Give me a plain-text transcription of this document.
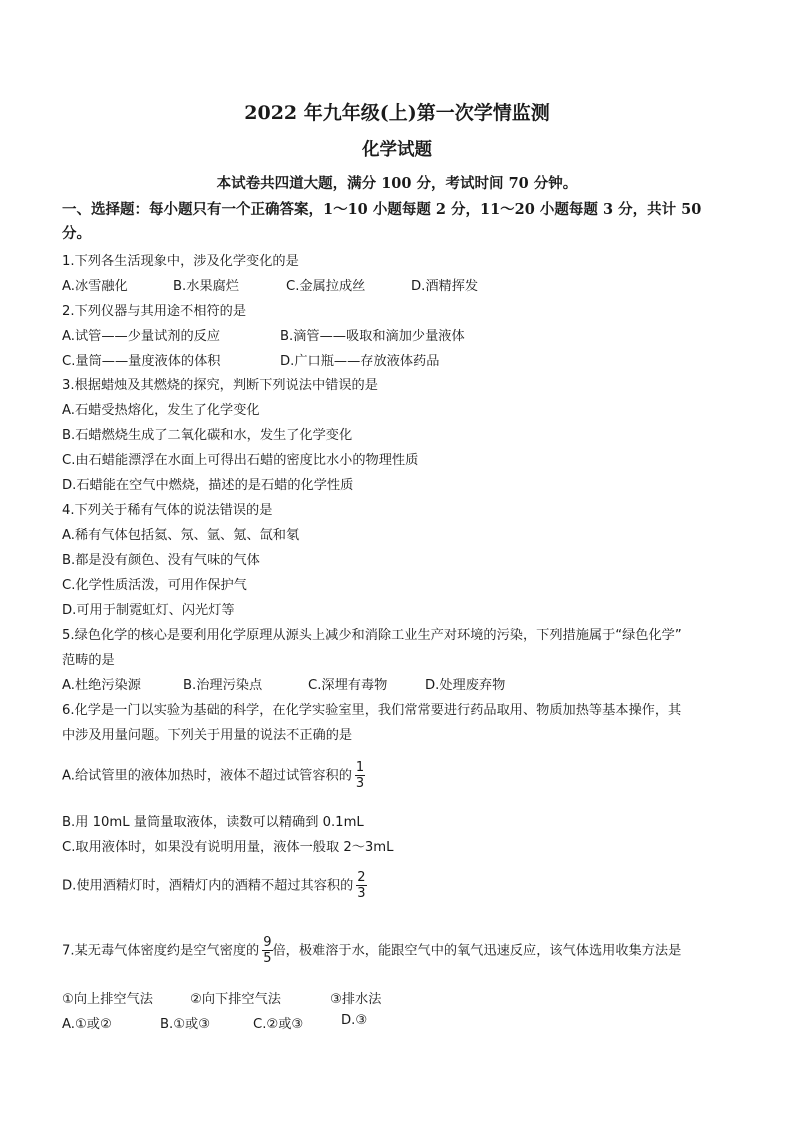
2022 年九年级(上)第一次学情监测
化学试题
本试卷共四道大题，满分 100 分，考试时间 70 分钟。
一、选择题：每小题只有一个正确答案，1～10 小题每题 2 分，11～20 小题每题 3 分，共计 50
分。
1.下列各生活现象中，涉及化学变化的是
A.冰雪融化	B.水果腐烂	C.金属拉成丝	D.酒精挥发
2.下列仪器与其用途不相符的是
A.试管——少量试剂的反应	B.滴管——吸取和滴加少量液体
C.量筒——量度液体的体积	D.广口瓶——存放液体药品
3.根据蜡烛及其燃烧的探究，判断下列说法中错误的是
A.石蜡受热熔化，发生了化学变化
B.石蜡燃烧生成了二氧化碳和水，发生了化学变化
C.由石蜡能漂浮在水面上可得出石蜡的密度比水小的物理性质
D.石蜡能在空气中燃烧，描述的是石蜡的化学性质
4.下列关于稀有气体的说法错误的是
A.稀有气体包括氦、氖、氩、氪、氙和氡
B.都是没有颜色、没有气味的气体
C.化学性质活泼，可用作保护气
D.可用于制霓虹灯、闪光灯等
5.绿色化学的核心是要利用化学原理从源头上减少和消除工业生产对环境的污染，下列措施属于“绿色化学”
范畴的是
A.杜绝污染源	B.治理污染点	C.深埋有毒物	D.处理废弃物
6.化学是一门以实验为基础的科学，在化学实验室里，我们常常要进行药品取用、物质加热等基本操作，其
中涉及用量问题。下列关于用量的说法不正确的是
A.给试管里的液体加热时，液体不超过试管容积的 $\frac{1}{3}$
B.用 10mL 量筒量取液体，读数可以精确到 0.1mL
C.取用液体时，如果没有说明用量，液体一般取 2～3mL
D.使用酒精灯时，酒精灯内的酒精不超过其容积的 $\frac{2}{3}$
7.某无毒气体密度约是空气密度的 $\frac{9}{5}$ 倍，极难溶于水，能跟空气中的氧气迅速反应，该气体选用收集方法是
①向上排空气法	②向下排空气法	③排水法
A.①或②	B.①或③	C.②或③	D.③
